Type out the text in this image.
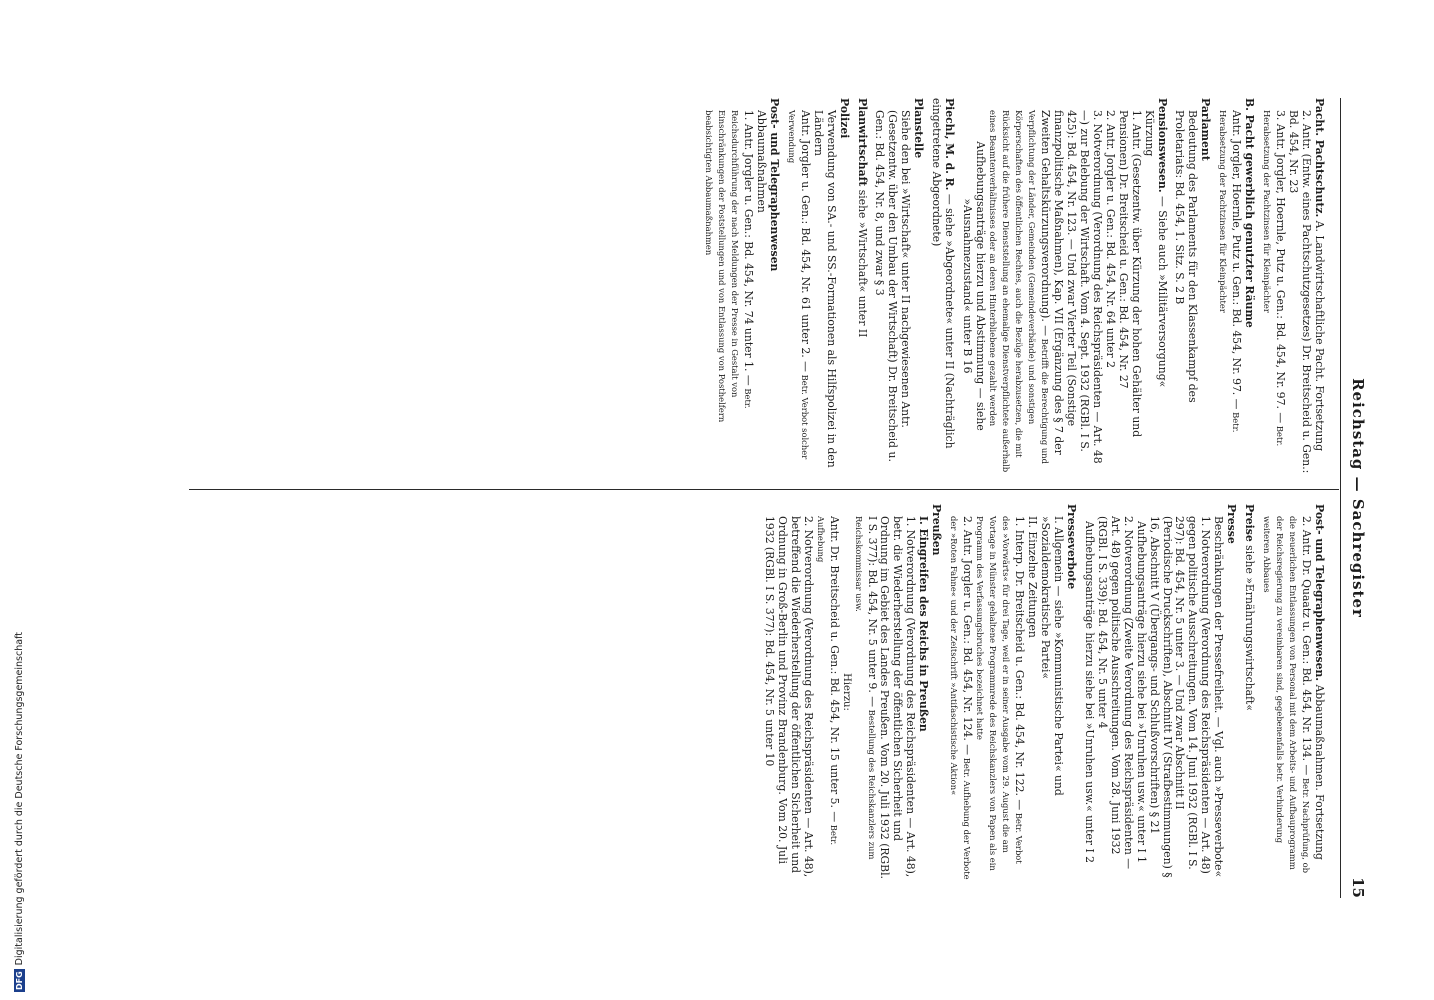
Reichstag — Sachregister
15

Pacht. Pachtschutz. A. Landwirtschaftliche Pacht. Fortsetzung

2. Antr. (Entw. eines Pachtschutzgesetzes) Dr. Breitscheid u. Gen.: Bd. 454, Nr. 23

3. Antr. Jorgler, Hoernle, Putz u. Gen.: Bd. 454, Nr. 97. — Betr. Herabsetzung der Pachtzinsen für Kleinpächter

B. Pacht gewerblich genutzter Räume

Antr. Jorgler, Hoernle, Putz u. Gen.: Bd. 454, Nr. 97. — Betr. Herabsetzung der Pachtzinsen für Kleinpächter

Parlament

Bedeutung des Parlaments für den Klassenkampf des Proletariats: Bd. 454, 1. Sitz. S. 2 B

Pensionswesen. — Siehe auch »Militärversorgung«

Kürzung

1. Antr. (Gesetzentw. über Kürzung der hohen Gehälter und Pensionen) Dr. Breitscheid u. Gen.: Bd. 454, Nr. 27

2. Antr. Jorgler u. Gen.: Bd. 454, Nr. 64 unter 2

3. Notverordnung (Verordnung des Reichspräsidenten — Art. 48 —) zur Belebung der Wirtschaft. Vom 4. Sept. 1932 (RGBl. I S. 425): Bd. 454, Nr. 123. — Und zwar Vierter Teil (Sonstige finanzpolitische Maßnahmen), Kap. VII (Ergänzung des § 7 der Zweiten Gehaltskürzungsverordnung). — Betrifft die Berechtigung und Verpflichtung der Länder, Gemeinden (Gemeindeverbände) und sonstigen Körperschaften des öffentlichen Rechtes, auch die Bezüge herabzusetzen, die mit Rücksicht auf die frühere Dienststellung an ehemalige Dienstverpflichtete außerhalb eines Beamtenverhältnisses oder an deren Hinterbliebene gezahlt werden

Aufhebungsanträge hierzu und Abstimmung — siehe »Ausnahmezustand« unter B 16

Piechl, M. d. R. — siehe »Abgeordnete« unter II (Nachträglich eingetretene Abgeordnete)

Planstelle

Siehe den bei »Wirtschaft« unter II nachgewiesenen Antr. (Gesetzentw. über den Umbau der Wirtschaft) Dr. Breitscheid u. Gen.: Bd. 454, Nr. 8, und zwar § 3

Planwirtschaft siehe »Wirtschaft« unter II

Polizei

Verwendung von SA.- und SS.-Formationen als Hilfspolizei in den Ländern

Antr. Jorgler u. Gen.: Bd. 454, Nr. 61 unter 2. — Betr. Verbot solcher Verwendung

Post- und Telegraphenwesen

Abbaumaßnahmen

1. Antr. Jorgler u. Gen.: Bd. 454, Nr. 74 unter 1. — Betr. Reichsdurchführung der nach Meldungen der Presse in Gestalt von Einschränkungen der Poststellungen und von Entlassung von Posthelfern beabsichtigten Abbaumaßnahmen

Post- und Telegraphenwesen. Abbaumaßnahmen. Fortsetzung

2. Antr. Dr. Quaatz u. Gen.: Bd. 454, Nr. 134. — Betr. Nachprüfung, ob die neuerlichen Entlassungen von Personal mit dem Arbeits- und Aufbauprogramm der Reichsregierung zu vereinbaren sind, gegebenenfalls betr. Verhinderung weiteren Abbaues

Preise siehe »Ernährungswirtschaft«

Presse

Beschränkungen der Pressefreiheit. — Vgl. auch »Presseverbote«

1. Notverordnung (Verordnung des Reichspräsidenten — Art. 48) gegen politische Ausschreitungen. Vom 14. Juni 1932 (RGBl. I S. 297): Bd. 454, Nr. 5 unter 3. — Und zwar Abschnitt II (Periodische Druckschriften), Abschnitt IV (Strafbestimmungen) § 16, Abschnitt V (Übergangs- und Schlußvorschriften) § 21

Aufhebungsanträge hierzu siehe bei »Unruhen usw.« unter I 1

2. Notverordnung (Zweite Verordnung des Reichspräsidenten — Art. 48) gegen politische Ausschreitungen. Vom 28. Juni 1932 (RGBl. I S. 339): Bd. 454, Nr. 5 unter 4

Aufhebungsanträge hierzu siehe bei »Unruhen usw.« unter I 2

Presseverbote

I. Allgemein — siehe »Kommunistische Partei« und »Sozialdemokratische Partei«

II. Einzelne Zeitungen

1. Interp. Dr. Breitscheid u. Gen.: Bd. 454, Nr. 122. — Betr. Verbot des »Vorwärts« für drei Tage, weil er in seiner Ausgabe vom 29. August die am Vortage in Münster gehaltene Programmrede des Reichskanzlers von Papen als ein Programm des Verfassungsbruches bezeichnet hatte

2. Antr. Jorgler u. Gen.: Bd. 454, Nr. 124. — Betr. Aufhebung der Verbote der »Roten Fahne« und der Zeitschrift »Antifaschistische Aktion«

Preußen

I. Eingreifen des Reichs in Preußen

1. Notverordnung (Verordnung des Reichspräsidenten — Art. 48), betr. die Wiederherstellung der öffentlichen Sicherheit und Ordnung im Gebiet des Landes Preußen. Vom 20. Juli 1932 (RGBl. I S. 377): Bd. 454, Nr. 5 unter 9. — Bestellung des Reichskanzlers zum Reichskommissar usw.

Hierzu:

Antr. Dr. Breitscheid u. Gen.: Bd. 454, Nr. 15 unter 5. — Betr. Aufhebung

2. Notverordnung (Verordnung des Reichspräsidenten — Art. 48), betreffend die Wiederherstellung der öffentlichen Sicherheit und Ordnung in Groß-Berlin und Provinz Brandenburg. Vom 20. Juli 1932 (RGBl. I S. 377): Bd. 454, Nr. 5 unter 10

DFG
Digitalisierung gefördert durch die Deutsche Forschungsgemeinschaft
